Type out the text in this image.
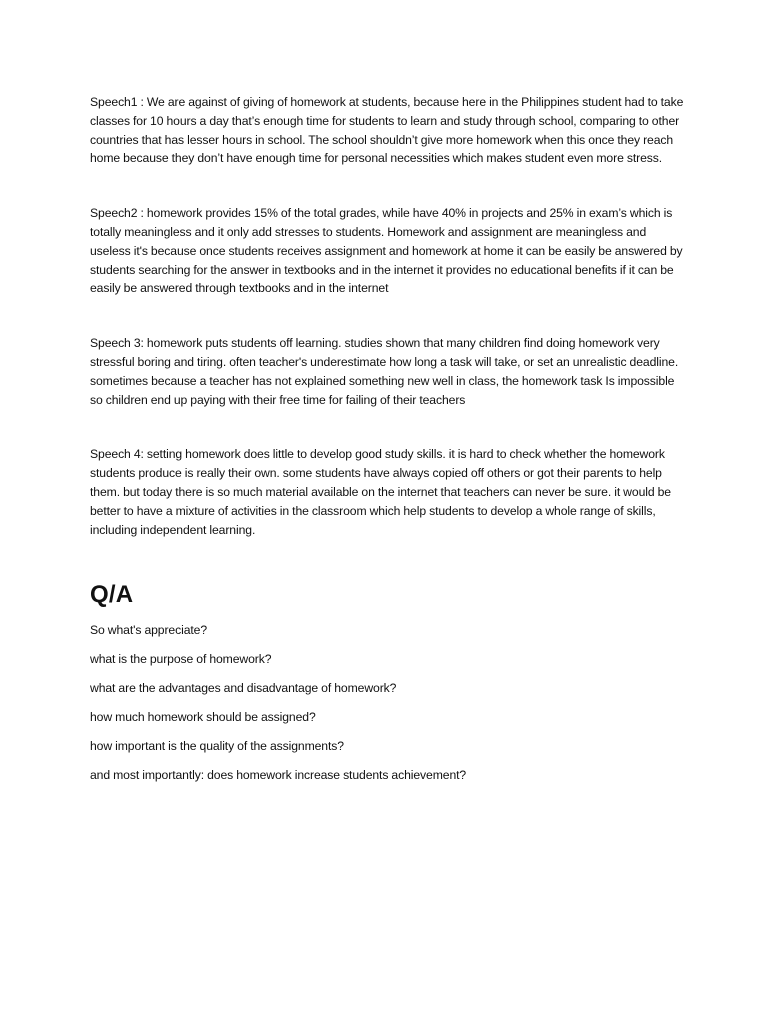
Speech1 : We are against of giving of homework at students, because here in the Philippines student had to take classes for 10 hours a day that’s enough time for students to learn and study through school, comparing to other countries that has lesser hours in school. The school shouldn’t give more homework when this once they reach home because they don’t have enough time for personal necessities which makes student even more stress.

Speech2 : homework provides 15% of the total grades, while have 40% in projects and 25% in exam’s which is totally meaningless and it only add stresses to students. Homework and assignment are meaningless and useless it's because once students receives assignment and homework at home it can be easily be answered by students searching for the answer in textbooks and in the internet it provides no educational benefits if it can be easily be answered through textbooks and in the internet

Speech 3: homework puts students off learning. studies shown that many children find doing homework very stressful boring and tiring. often teacher's underestimate how long a task will take, or set an unrealistic deadline. sometimes because a teacher has not explained something new well in class, the homework task Is impossible so children end up paying with their free time for failing of their teachers

Speech 4: setting homework does little to develop good study skills. it is hard to check whether the homework students produce is really their own. some students have always copied off others or got their parents to help them. but today there is so much material available on the internet that teachers can never be sure. it would be better to have a mixture of activities in the classroom which help students to develop a whole range of skills, including independent learning.

Q/A
So what's appreciate?
what is the purpose of homework?
what are the advantages and disadvantage of homework?
how much homework should be assigned?
how important is the quality of the assignments?
and most importantly: does homework increase students achievement?
